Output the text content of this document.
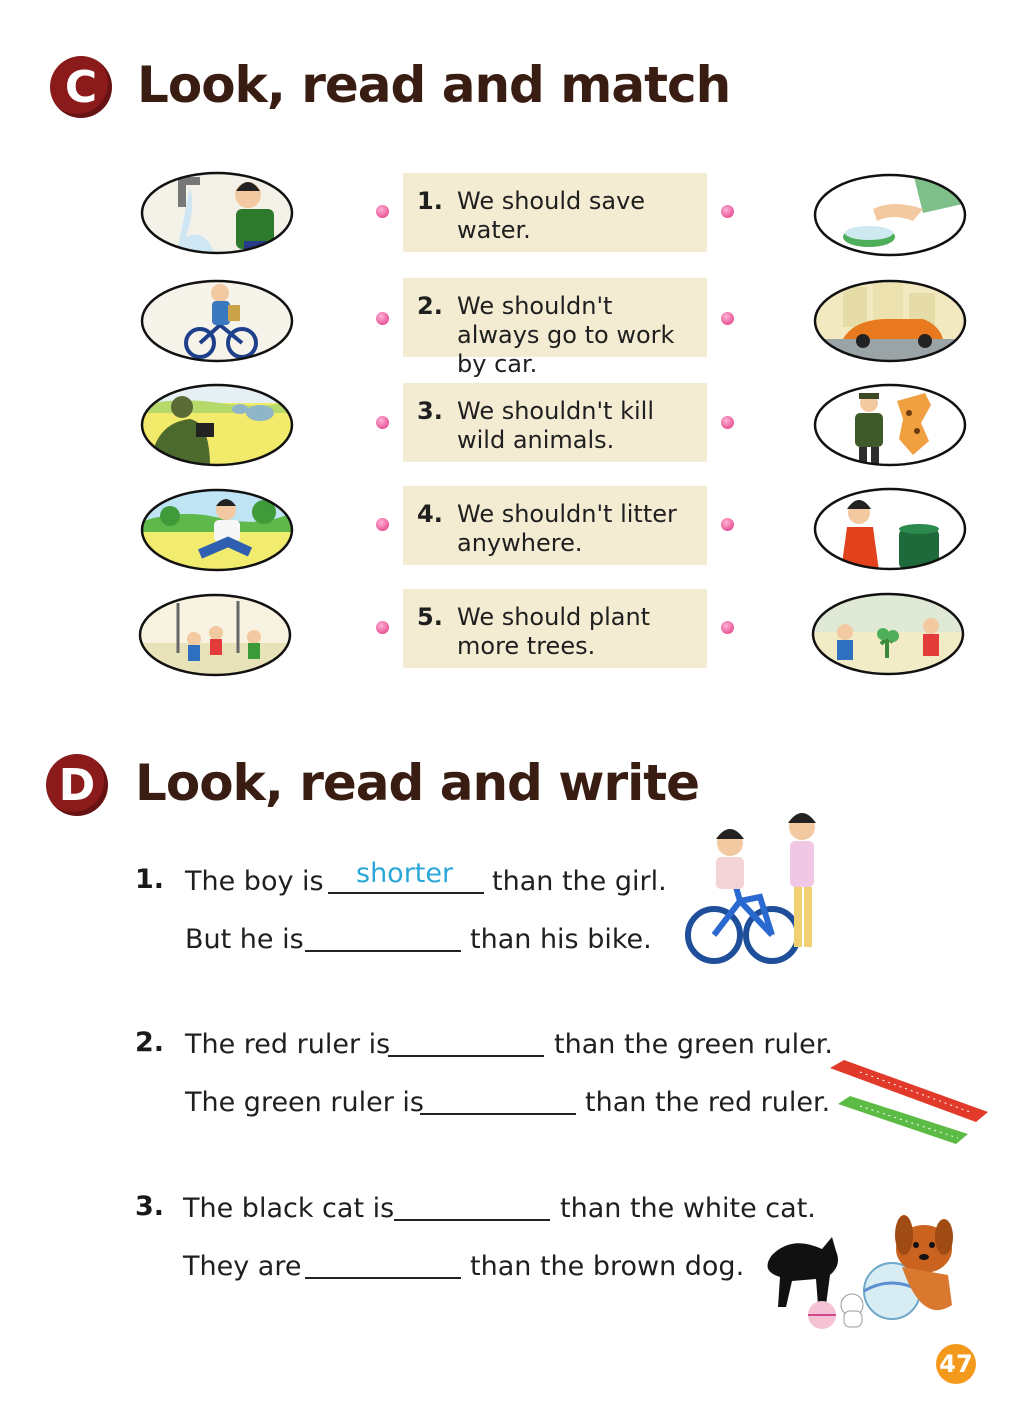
C Look, read and match
1. We should save water.
2. We shouldn't always go to work by car.
3. We shouldn't kill wild animals.
4. We shouldn't litter anywhere.
5. We should plant more trees.
D Look, read and write
1. The boy is shorter than the girl.
But he is	than his bike.
2. The red ruler is	than the green ruler.
The green ruler is	than the red ruler.
3. The black cat is	than the white cat.
They are	than the brown dog.
47
